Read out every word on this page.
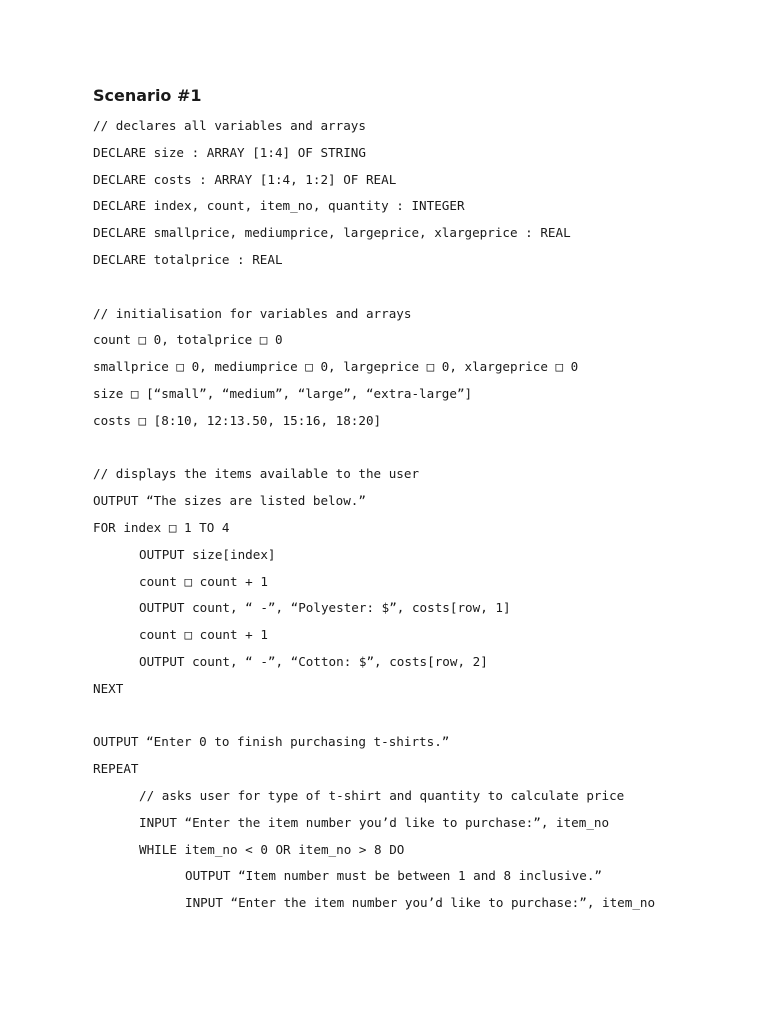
Scenario #1
// declares all variables and arrays
DECLARE size : ARRAY [1:4] OF STRING
DECLARE costs : ARRAY [1:4, 1:2] OF REAL
DECLARE index, count, item_no, quantity : INTEGER
DECLARE smallprice, mediumprice, largeprice, xlargeprice : REAL
DECLARE totalprice : REAL
// initialisation for variables and arrays
count □ 0, totalprice □ 0
smallprice □ 0, mediumprice □ 0, largeprice □ 0, xlargeprice □ 0
size □ [“small”, “medium”, “large”, “extra-large”]
costs □ [8:10, 12:13.50, 15:16, 18:20]
// displays the items available to the user
OUTPUT “The sizes are listed below.”
FOR index □ 1 TO 4
OUTPUT size[index]
count □ count + 1
OUTPUT count, “ -”, “Polyester: $”, costs[row, 1]
count □ count + 1
OUTPUT count, “ -”, “Cotton: $”, costs[row, 2]
NEXT
OUTPUT “Enter 0 to finish purchasing t-shirts.”
REPEAT
// asks user for type of t-shirt and quantity to calculate price
INPUT “Enter the item number you’d like to purchase:”, item_no
WHILE item_no < 0 OR item_no > 8 DO
OUTPUT “Item number must be between 1 and 8 inclusive.”
INPUT “Enter the item number you’d like to purchase:”, item_no
